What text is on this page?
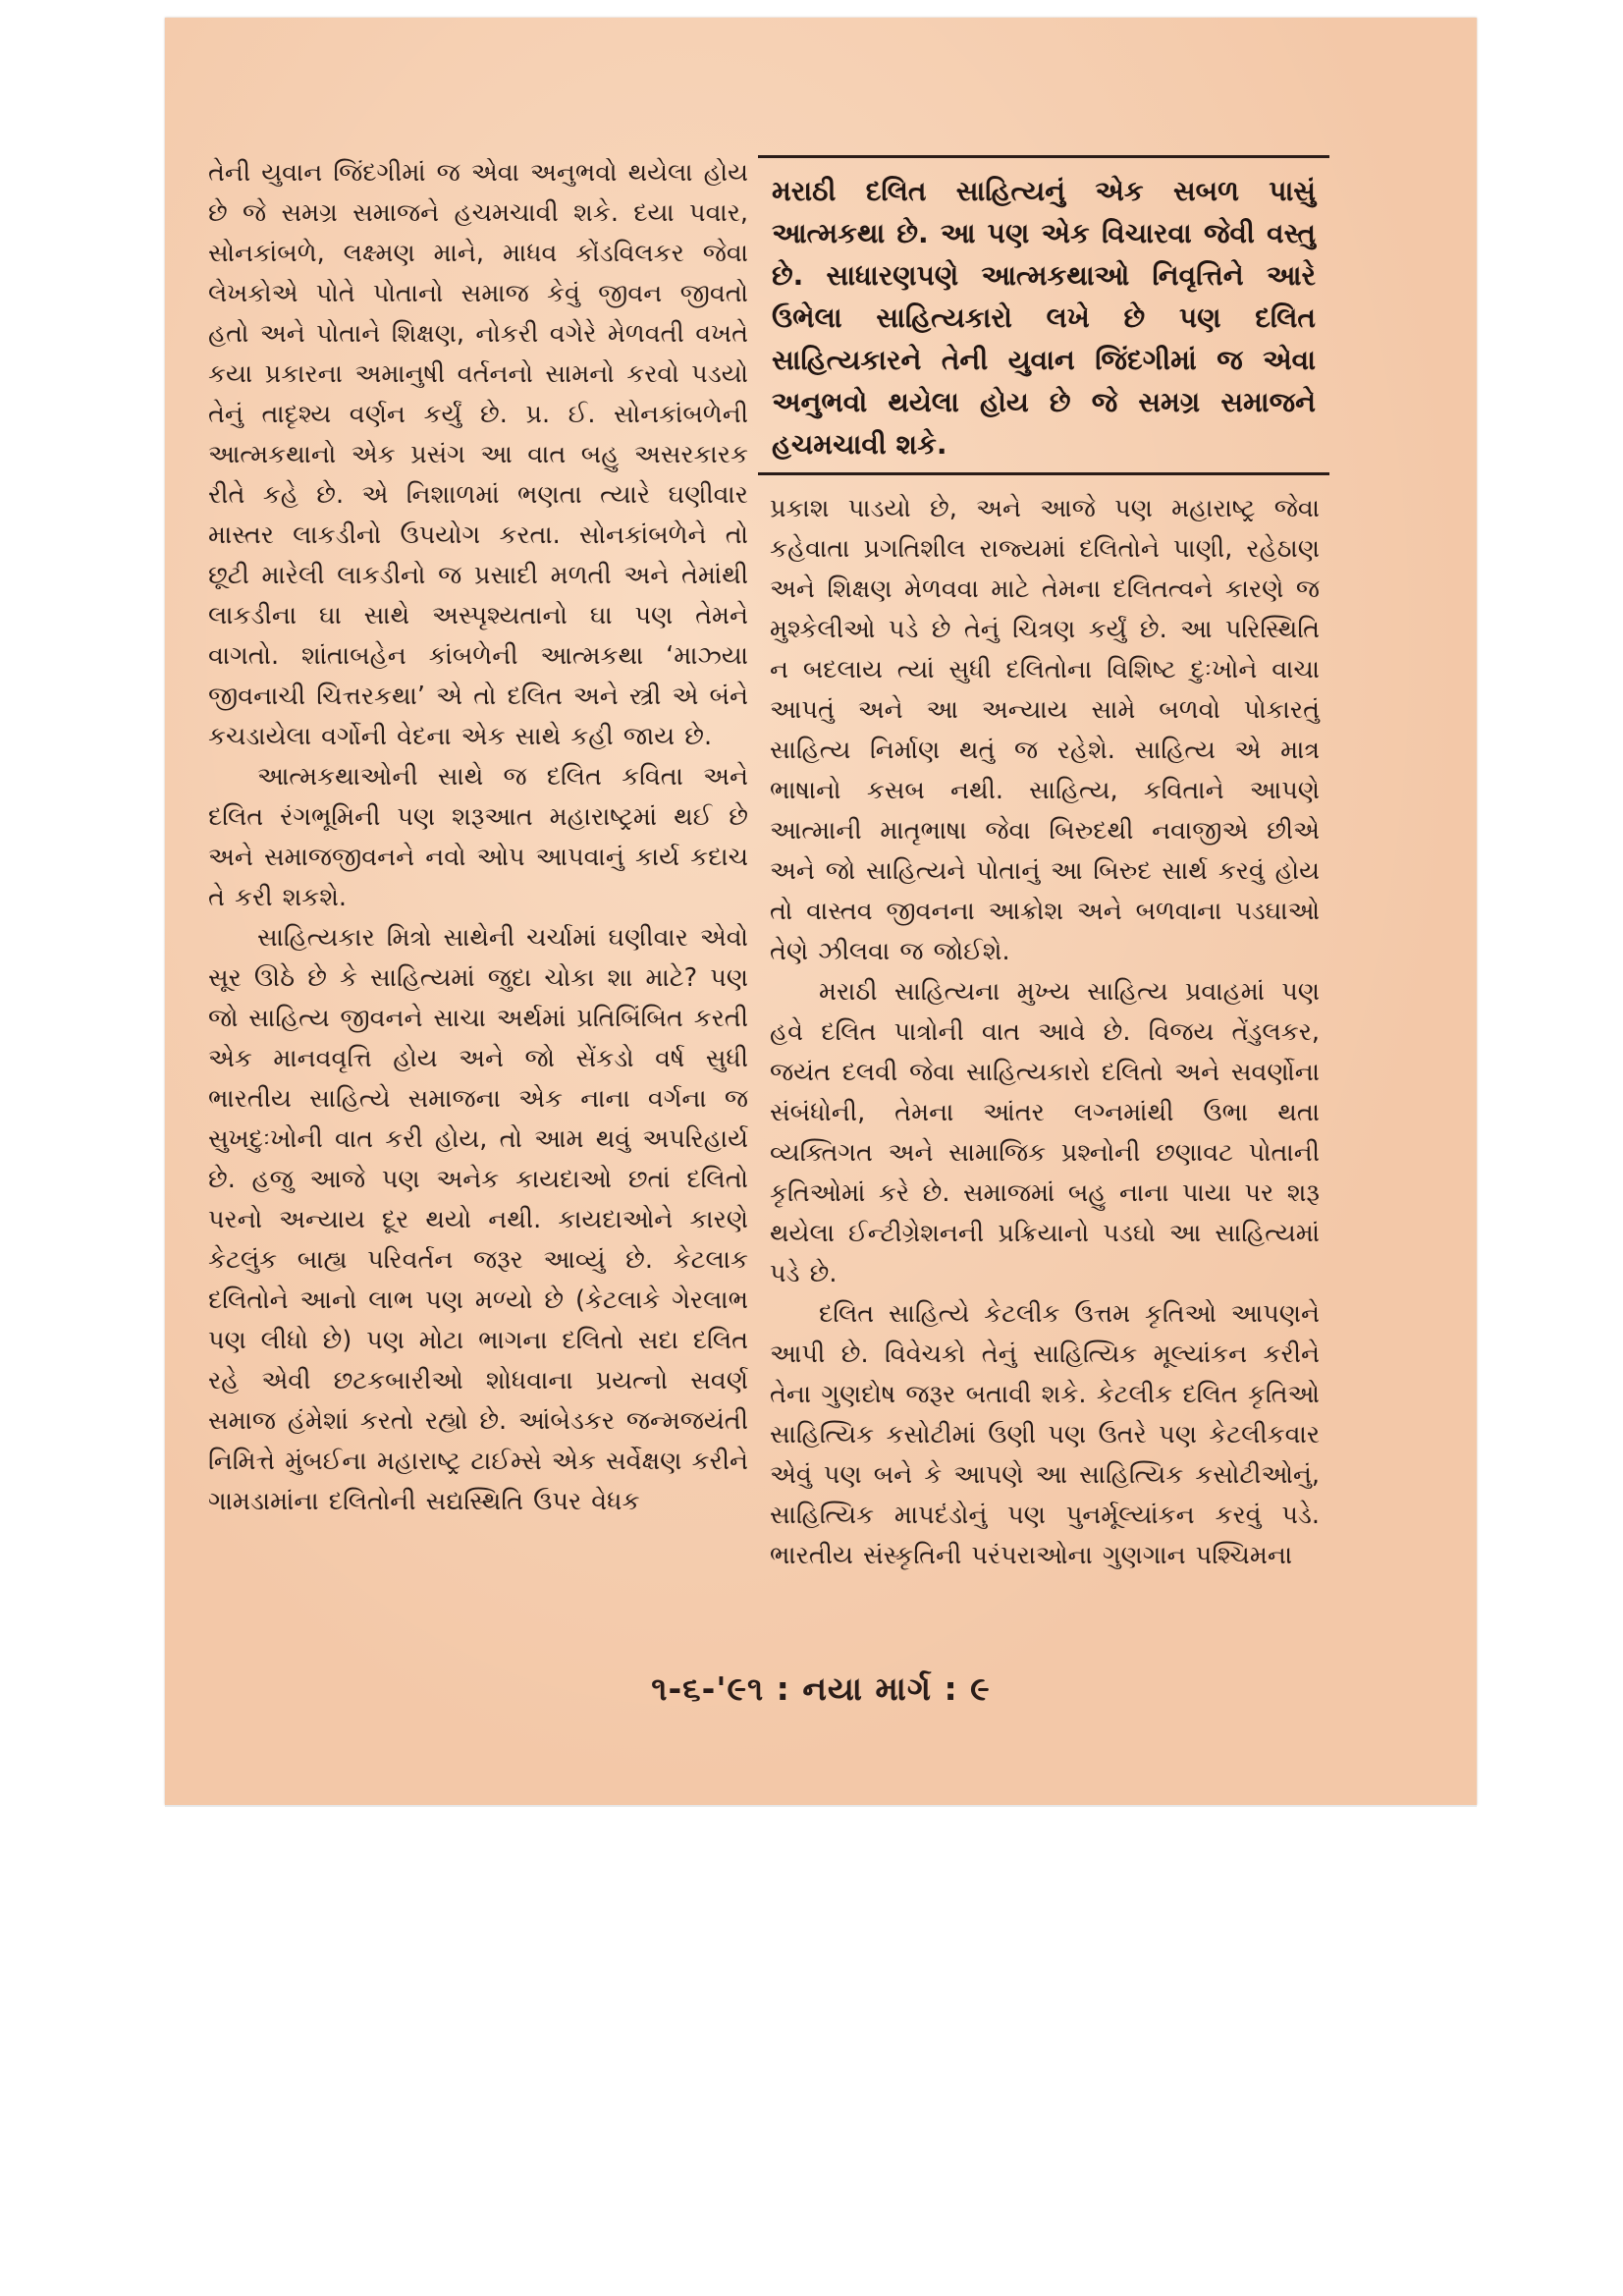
તેની યુવાન જિંદગીમાં જ એવા અનુભવો થયેલા હોય છે જે સમગ્ર સમાજને હચમચાવી શકે. દયા પવાર, સોનકાંબળે, લક્ષ્મણ માને, માધવ કોંડવિલકર જેવા લેખકોએ પોતે પોતાનો સમાજ કેવું જીવન જીવતો હતો અને પોતાને શિક્ષણ, નોકરી વગેરે મેળવતી વખતે કયા પ્રકારના અમાનુષી વર્તનનો સામનો કરવો પડયો તેનું તાદૃશ્ય વર્ણન કર્યું છે. પ્ર. ઈ. સોનકાંબળેની આત્મકથાનો એક પ્રસંગ આ વાત બહુ અસરકારક રીતે કહે છે. એ નિશાળમાં ભણતા ત્યારે ઘણીવાર માસ્તર લાકડીનો ઉપયોગ કરતા. સોનકાંબળેને તો છૂટી મારેલી લાકડીનો જ પ્રસાદી મળતી અને તેમાંથી લાકડીના ઘા સાથે અસ્પૃશ્યતાનો ઘા પણ તેમને વાગતો. શાંતાબહેન કાંબળેની આત્મકથા ‘માઝ્યા જીવનાચી ચિત્તરકથા’ એ તો દલિત અને સ્ત્રી એ બંને કચડાયેલા વર્ગોની વેદના એક સાથે કહી જાય છે.

આત્મકથાઓની સાથે જ દલિત કવિતા અને દલિત રંગભૂમિની પણ શરૂઆત મહારાષ્ટ્રમાં થઈ છે અને સમાજજીવનને નવો ઓપ આપવાનું કાર્ય કદાચ તે કરી શકશે.

સાહિત્યકાર મિત્રો સાથેની ચર્ચામાં ઘણીવાર એવો સૂર ઊઠે છે કે સાહિત્યમાં જુદા ચોકા શા માટે? પણ જો સાહિત્ય જીવનને સાચા અર્થમાં પ્રતિબિંબિત કરતી એક માનવવૃત્તિ હોય અને જો સેંકડો વર્ષ સુધી ભારતીય સાહિત્યે સમાજના એક નાના વર્ગના જ સુખદુઃખોની વાત કરી હોય, તો આમ થવું અપરિહાર્ય છે. હજુ આજે પણ અનેક કાયદાઓ છતાં દલિતો પરનો અન્યાય દૂર થયો નથી. કાયદાઓને કારણે કેટલુંક બાહ્ય પરિવર્તન જરૂર આવ્યું છે. કેટલાક દલિતોને આનો લાભ પણ મળ્યો છે (કેટલાકે ગેરલાભ પણ લીધો છે) પણ મોટા ભાગના દલિતો સદા દલિત રહે એવી છટકબારીઓ શોધવાના પ્રયત્નો સવર્ણ સમાજ હંમેશાં કરતો રહ્યો છે. આંબેડકર જન્મજયંતી નિમિત્તે મુંબઈના મહારાષ્ટ્ર ટાઈમ્સે એક સર્વેક્ષણ કરીને ગામડામાંના દલિતોની સદ્યસ્થિતિ ઉપર વેધક

મરાઠી દલિત સાહિત્યનું એક સબળ પાસું આત્મકથા છે. આ પણ એક વિચારવા જેવી વસ્તુ છે. સાધારણપણે આત્મકથાઓ નિવૃત્તિને આરે ઉભેલા સાહિત્યકારો લખે છે પણ દલિત સાહિત્યકારને તેની યુવાન જિંદગીમાં જ એવા અનુભવો થયેલા હોય છે જે સમગ્ર સમાજને હચમચાવી શકે.

પ્રકાશ પાડયો છે, અને આજે પણ મહારાષ્ટ્ર જેવા કહેવાતા પ્રગતિશીલ રાજ્યમાં દલિતોને પાણી, રહેઠાણ અને શિક્ષણ મેળવવા માટે તેમના દલિતત્વને કારણે જ મુશ્કેલીઓ પડે છે તેનું ચિત્રણ કર્યું છે. આ પરિસ્થિતિ ન બદલાય ત્યાં સુધી દલિતોના વિશિષ્ટ દુઃખોને વાચા આપતું અને આ અન્યાય સામે બળવો પોકારતું સાહિત્ય નિર્માણ થતું જ રહેશે. સાહિત્ય એ માત્ર ભાષાનો કસબ નથી. સાહિત્ય, કવિતાને આપણે આત્માની માતૃભાષા જેવા બિરુદથી નવાજીએ છીએ અને જો સાહિત્યને પોતાનું આ બિરુદ સાર્થ કરવું હોય તો વાસ્તવ જીવનના આક્રોશ અને બળવાના પડઘાઓ તેણે ઝીલવા જ જોઈશે.

મરાઠી સાહિત્યના મુખ્ય સાહિત્ય પ્રવાહમાં પણ હવે દલિત પાત્રોની વાત આવે છે. વિજય તેંડુલકર, જયંત દલવી જેવા સાહિત્યકારો દલિતો અને સવર્ણોના સંબંધોની, તેમના આંતર લગ્નમાંથી ઉભા થતા વ્યક્તિગત અને સામાજિક પ્રશ્નોની છણાવટ પોતાની કૃતિઓમાં કરે છે. સમાજમાં બહુ નાના પાયા પર શરૂ થયેલા ઈન્ટીગ્રેશનની પ્રક્રિયાનો પડઘો આ સાહિત્યમાં પડે છે.

દલિત સાહિત્યે કેટલીક ઉત્તમ કૃતિઓ આપણને આપી છે. વિવેચકો તેનું સાહિત્યિક મૂલ્યાંકન કરીને તેના ગુણદોષ જરૂર બતાવી શકે. કેટલીક દલિત કૃતિઓ સાહિત્યિક કસોટીમાં ઉણી પણ ઉતરે પણ કેટલીકવાર એવું પણ બને કે આપણે આ સાહિત્યિક કસોટીઓનું, સાહિત્યિક માપદંડોનું પણ પુનર્મૂલ્યાંકન કરવું પડે. ભારતીય સંસ્કૃતિની પરંપરાઓના ગુણગાન પશ્ચિમના

૧-૬-'૯૧ : નયા માર્ગ : ૯
